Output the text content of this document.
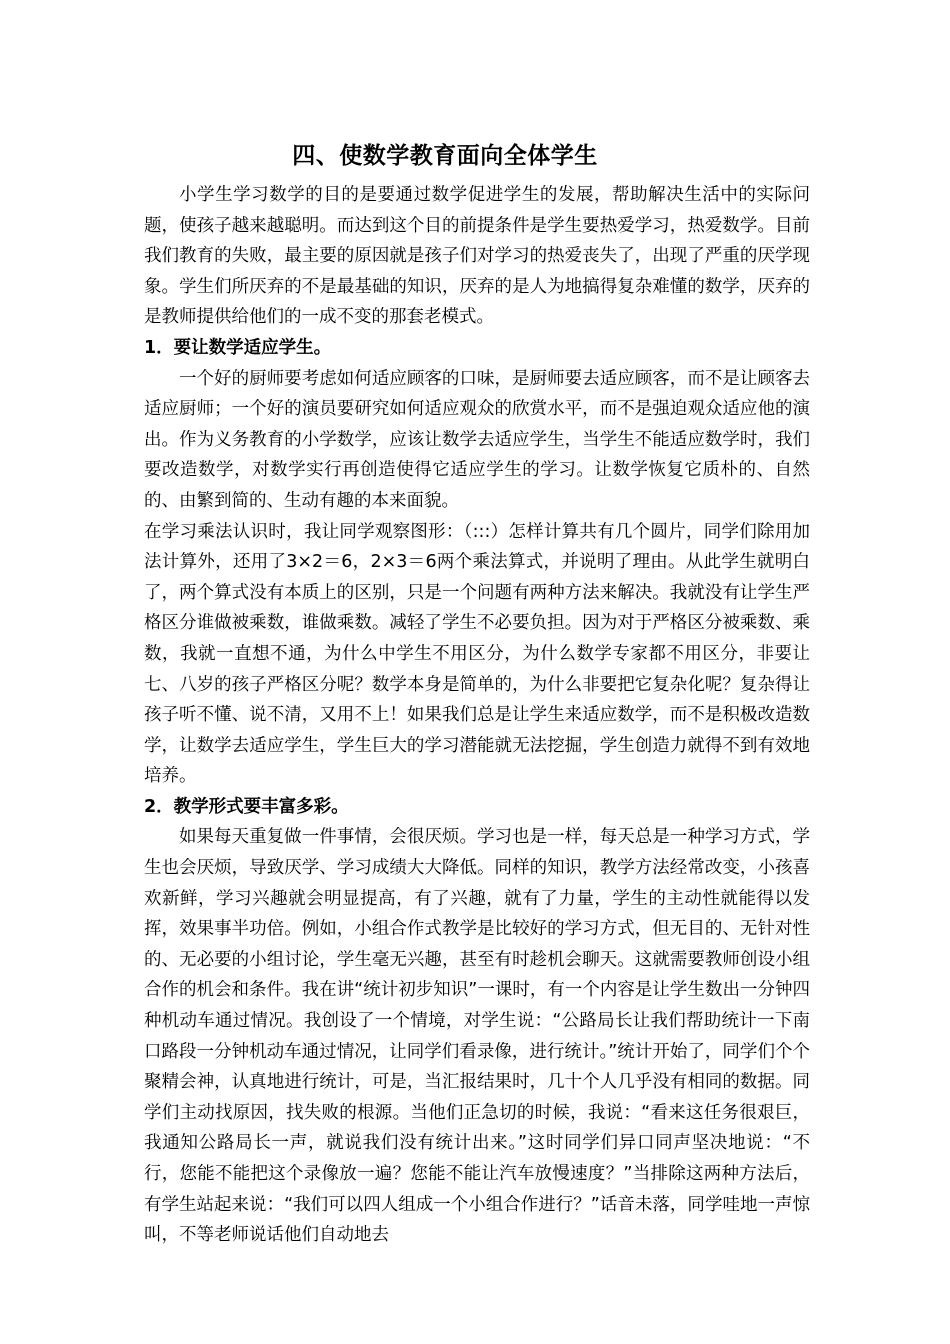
四、使数学教育面向全体学生

小学生学习数学的目的是要通过数学促进学生的发展，帮助解决生活中的实际问题，使孩子越来越聪明。而达到这个目的前提条件是学生要热爱学习，热爱数学。目前我们教育的失败，最主要的原因就是孩子们对学习的热爱丧失了，出现了严重的厌学现象。学生们所厌弃的不是最基础的知识，厌弃的是人为地搞得复杂难懂的数学，厌弃的是教师提供给他们的一成不变的那套老模式。

1．要让数学适应学生。

一个好的厨师要考虑如何适应顾客的口味，是厨师要去适应顾客，而不是让顾客去适应厨师；一个好的演员要研究如何适应观众的欣赏水平，而不是强迫观众适应他的演出。作为义务教育的小学数学，应该让数学去适应学生，当学生不能适应数学时，我们要改造数学，对数学实行再创造使得它适应学生的学习。让数学恢复它质朴的、自然的、由繁到简的、生动有趣的本来面貌。

在学习乘法认识时，我让同学观察图形：（:::）怎样计算共有几个圆片，同学们除用加法计算外，还用了3×2＝6，2×3＝6两个乘法算式，并说明了理由。从此学生就明白了，两个算式没有本质上的区别，只是一个问题有两种方法来解决。我就没有让学生严格区分谁做被乘数，谁做乘数。减轻了学生不必要负担。因为对于严格区分被乘数、乘数，我就一直想不通，为什么中学生不用区分，为什么数学专家都不用区分，非要让七、八岁的孩子严格区分呢？数学本身是简单的，为什么非要把它复杂化呢？复杂得让孩子听不懂、说不清，又用不上！如果我们总是让学生来适应数学，而不是积极改造数学，让数学去适应学生，学生巨大的学习潜能就无法挖掘，学生创造力就得不到有效地培养。

2．教学形式要丰富多彩。

如果每天重复做一件事情，会很厌烦。学习也是一样，每天总是一种学习方式，学生也会厌烦，导致厌学、学习成绩大大降低。同样的知识，教学方法经常改变，小孩喜欢新鲜，学习兴趣就会明显提高，有了兴趣，就有了力量，学生的主动性就能得以发挥，效果事半功倍。例如，小组合作式教学是比较好的学习方式，但无目的、无针对性的、无必要的小组讨论，学生毫无兴趣，甚至有时趁机会聊天。这就需要教师创设小组合作的机会和条件。我在讲“统计初步知识”一课时，有一个内容是让学生数出一分钟四种机动车通过情况。我创设了一个情境，对学生说：“公路局长让我们帮助统计一下南口路段一分钟机动车通过情况，让同学们看录像，进行统计。”统计开始了，同学们个个聚精会神，认真地进行统计，可是，当汇报结果时，几十个人几乎没有相同的数据。同学们主动找原因，找失败的根源。当他们正急切的时候，我说：“看来这任务很艰巨，我通知公路局长一声，就说我们没有统计出来。”这时同学们异口同声坚决地说：“不行，您能不能把这个录像放一遍？您能不能让汽车放慢速度？”当排除这两种方法后，有学生站起来说：“我们可以四人组成一个小组合作进行？”话音未落，同学哇地一声惊叫，不等老师说话他们自动地去
